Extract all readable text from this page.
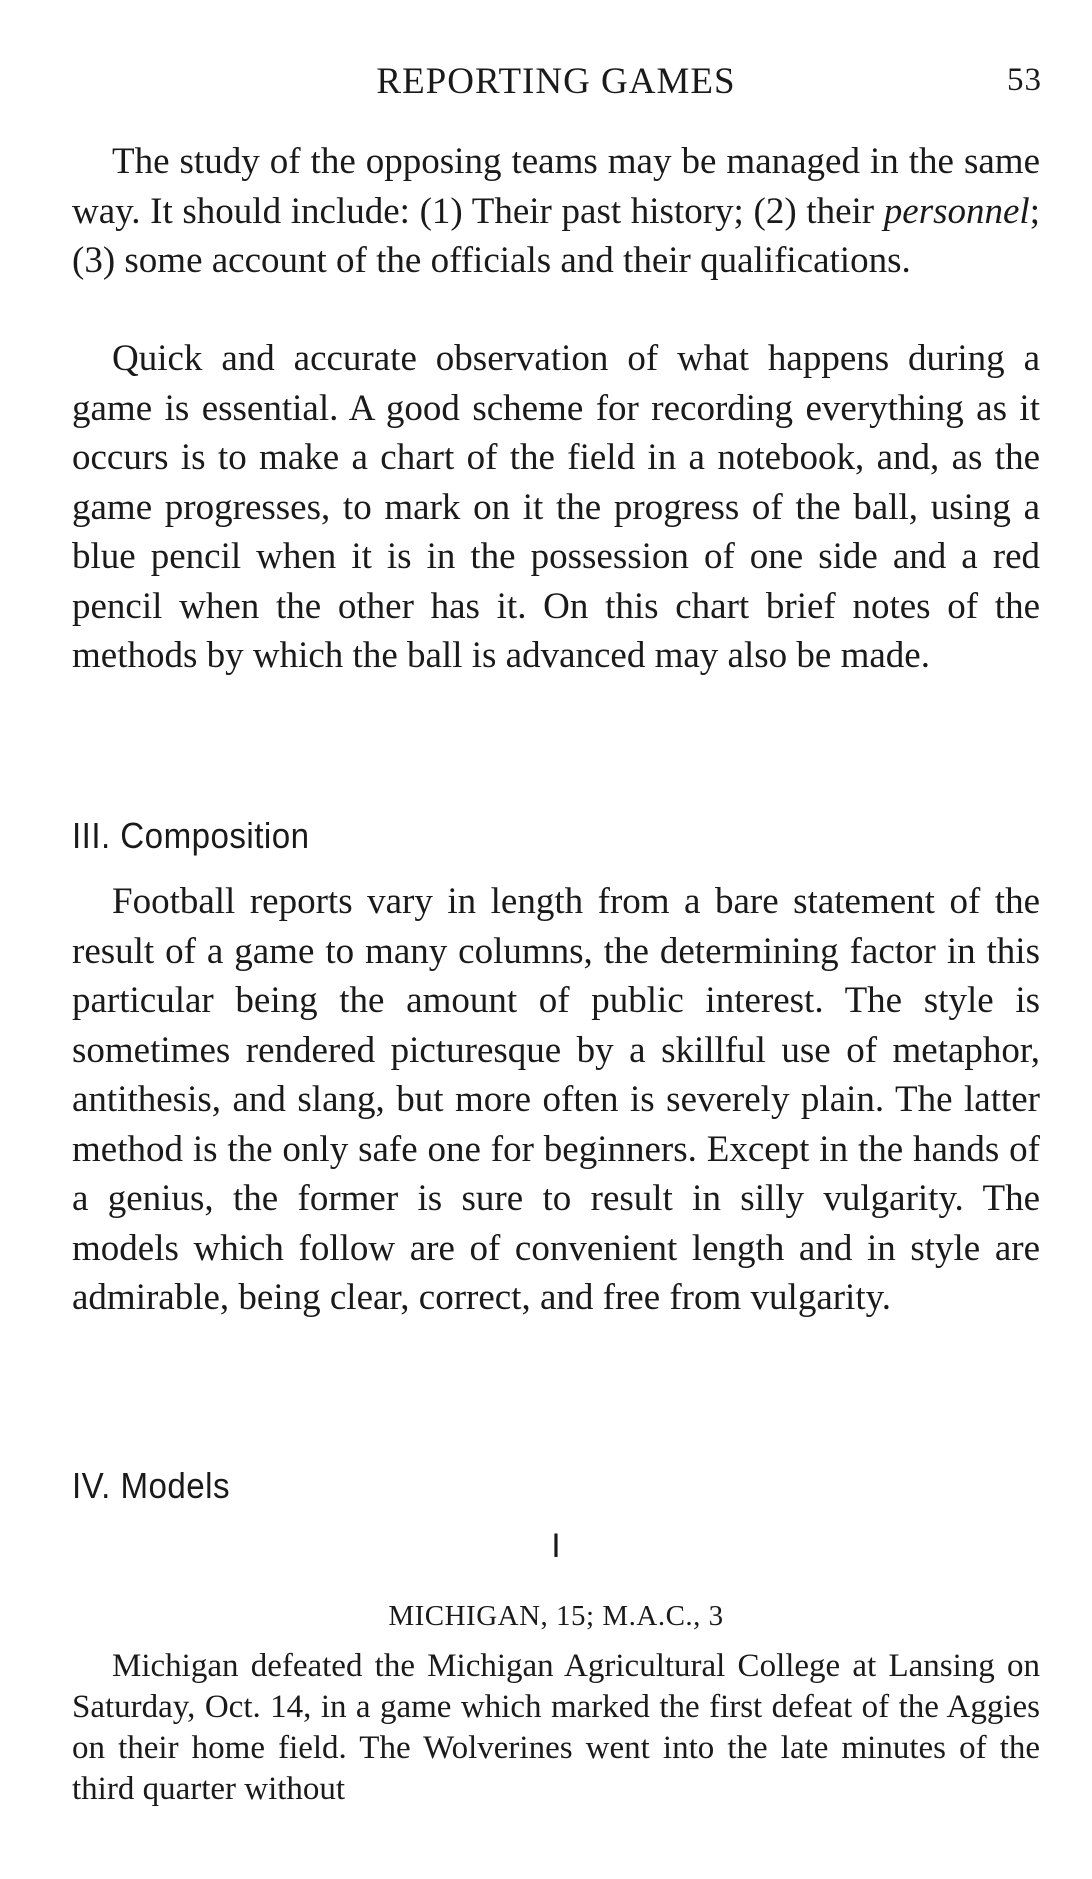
REPORTING GAMES	53

The study of the opposing teams may be managed in the same way. It should include: (1) Their past history; (2) their personnel; (3) some account of the officials and their qualifications.

Quick and accurate observation of what happens during a game is essential. A good scheme for recording everything as it occurs is to make a chart of the field in a notebook, and, as the game progresses, to mark on it the progress of the ball, using a blue pencil when it is in the possession of one side and a red pencil when the other has it. On this chart brief notes of the methods by which the ball is advanced may also be made.

III. Composition

Football reports vary in length from a bare statement of the result of a game to many columns, the determining factor in this particular being the amount of public interest. The style is sometimes rendered picturesque by a skillful use of metaphor, antithesis, and slang, but more often is severely plain. The latter method is the only safe one for beginners. Except in the hands of a genius, the former is sure to result in silly vulgarity. The models which follow are of convenient length and in style are admirable, being clear, correct, and free from vulgarity.

IV. Models

I

MICHIGAN, 15; M.A.C., 3

Michigan defeated the Michigan Agricultural College at Lansing on Saturday, Oct. 14, in a game which marked the first defeat of the Aggies on their home field. The Wolverines went into the late minutes of the third quarter without
